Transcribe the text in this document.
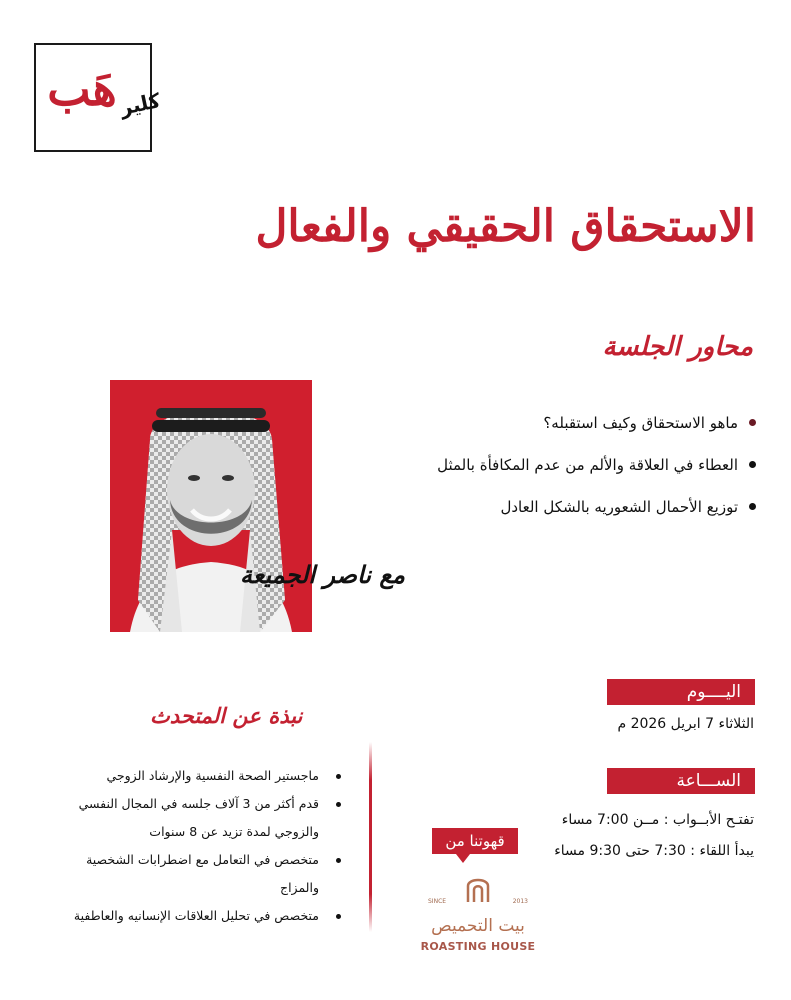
هَب كلير
الاستحقاق الحقيقي والفعال
محاور الجلسة
ماهو الاستحقاق وكيف استقبله؟
العطاء في العلاقة والألم من عدم المكافأة بالمثل
توزيع الأحمال الشعوريه بالشكل العادل
مع ناصر الجميعة
نبذة عن المتحدث
ماجستير الصحة النفسية والإرشاد الزوجي
قدم أكثر من 3 آلاف جلسه في المجال النفسي والزوجي لمدة تزيد عن 8 سنوات
متخصص في التعامل مع اضطرابات الشخصية والمزاج
متخصص في تحليل العلاقات الإنسانيه والعاطفية
اليــــوم
الثلاثاء 7 ابريل 2026 م
الســـاعة
تفتـح الأبــواب : مــن 7:00 مساء
يبدأ اللقاء : 7:30 حتى 9:30 مساء
قهوتنا من
SINCE	2013
بيت التحميص
ROASTING HOUSE
